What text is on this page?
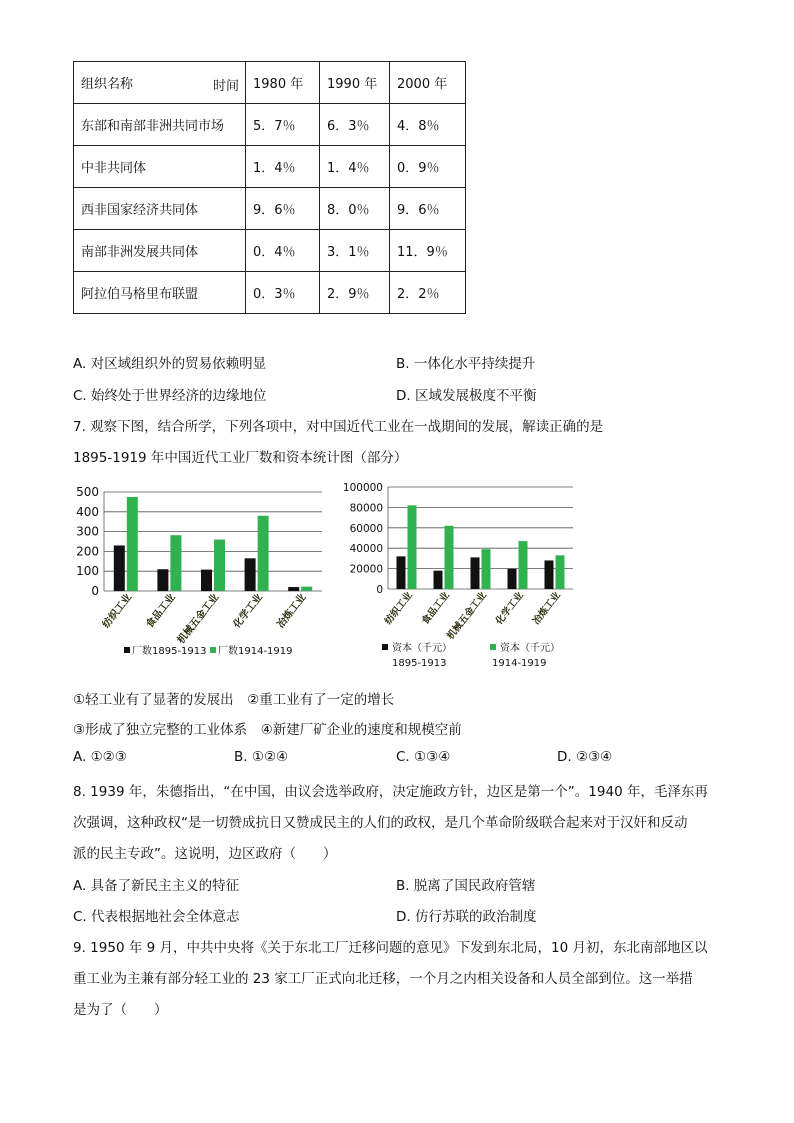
组织名称 时间	1980 年	1990 年	2000 年
东部和南部非洲共同市场	5．7％	6．3％	4．8％
中非共同体	1．4％	1．4％	0．9％
西非国家经济共同体	9．6％	8．0％	9．6％
南部非洲发展共同体	0．4％	3．1％	11．9％
阿拉伯马格里布联盟	0．3％	2．9％	2．2％
A. 对区域组织外的贸易依赖明显	B. 一体化水平持续提升
C. 始终处于世界经济的边缘地位	D. 区域发展极度不平衡
7. 观察下图，结合所学，下列各项中，对中国近代工业在一战期间的发展，解读正确的是
1895-1919 年中国近代工业厂数和资本统计图（部分）
0
100
200
300
400
500
纺织工业 食品工业
机械五金工业 化学工业 冶炼工业
厂数1895-1913 厂数1914-1919
0
20000
40000
60000
80000
100000
纺织工业 食品工业
机械五金工业 化学工业 冶炼工业
资本（千元）
1895-1913
资本（千元）
1914-1919
①轻工业有了显著的发展出　②重工业有了一定的增长
③形成了独立完整的工业体系　④新建厂矿企业的速度和规模空前
A. ①②③	B. ①②④	C. ①③④	D. ②③④
8. 1939 年，朱德指出，“在中国，由议会选举政府，决定施政方针，边区是第一个”。1940 年，毛泽东再
次强调，这种政权“是一切赞成抗日又赞成民主的人们的政权，是几个革命阶级联合起来对于汉奸和反动
派的民主专政”。这说明，边区政府（　　）
A. 具备了新民主主义的特征	B. 脱离了国民政府管辖
C. 代表根据地社会全体意志	D. 仿行苏联的政治制度
9. 1950 年 9 月，中共中央将《关于东北工厂迁移问题的意见》下发到东北局，10 月初，东北南部地区以
重工业为主兼有部分轻工业的 23 家工厂正式向北迁移，一个月之内相关设备和人员全部到位。这一举措
是为了（　　）
